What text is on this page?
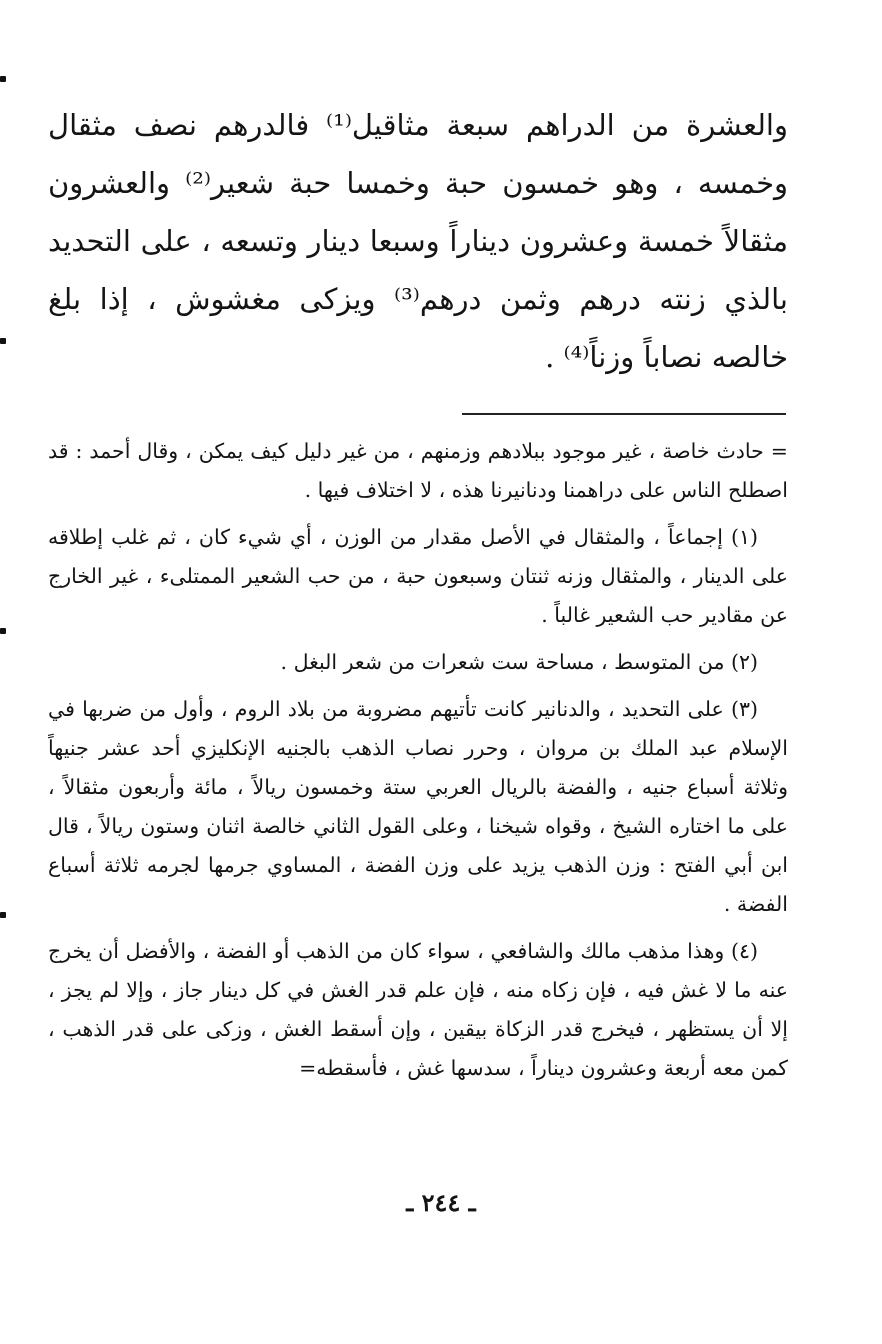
والعشرة من الدراهم سبعة مثاقيل⁽¹⁾ فالدرهم نصف مثقال وخمسه ، وهو خمسون حبة وخمسا حبة شعير⁽²⁾ والعشرون مثقالاً خمسة وعشرون ديناراً وسبعا دينار وتسعه ، على التحديد بالذي زنته درهم وثمن درهم⁽³⁾ ويزكى مغشوش ، إذا بلغ خالصه نصاباً وزناً⁽⁴⁾ .

= حادث خاصة ، غير موجود ببلادهم وزمنهم ، من غير دليل كيف يمكن ، وقال أحمد : قد اصطلح الناس على دراهمنا ودنانيرنا هذه ، لا اختلاف فيها .

(١) إجماعاً ، والمثقال في الأصل مقدار من الوزن ، أي شيء كان ، ثم غلب إطلاقه على الدينار ، والمثقال وزنه ثنتان وسبعون حبة ، من حب الشعير الممتلىء ، غير الخارج عن مقادير حب الشعير غالباً .

(٢) من المتوسط ، مساحة ست شعرات من شعر البغل .

(٣) على التحديد ، والدنانير كانت تأتيهم مضروبة من بلاد الروم ، وأول من ضربها في الإسلام عبد الملك بن مروان ، وحرر نصاب الذهب بالجنيه الإنكليزي أحد عشر جنيهاً وثلاثة أسباع جنيه ، والفضة بالريال العربي ستة وخمسون ريالاً ، مائة وأربعون مثقالاً ، على ما اختاره الشيخ ، وقواه شيخنا ، وعلى القول الثاني خالصة اثنان وستون ريالاً ، قال ابن أبي الفتح : وزن الذهب يزيد على وزن الفضة ، المساوي جرمها لجرمه ثلاثة أسباع الفضة .

(٤) وهذا مذهب مالك والشافعي ، سواء كان من الذهب أو الفضة ، والأفضل أن يخرج عنه ما لا غش فيه ، فإن زكاه منه ، فإن علم قدر الغش في كل دينار جاز ، وإلا لم يجز ، إلا أن يستظهر ، فيخرج قدر الزكاة بيقين ، وإن أسقط الغش ، وزكى على قدر الذهب ، كمن معه أربعة وعشرون ديناراً ، سدسها غش ، فأسقطه=

ـ ٢٤٤ ـ
